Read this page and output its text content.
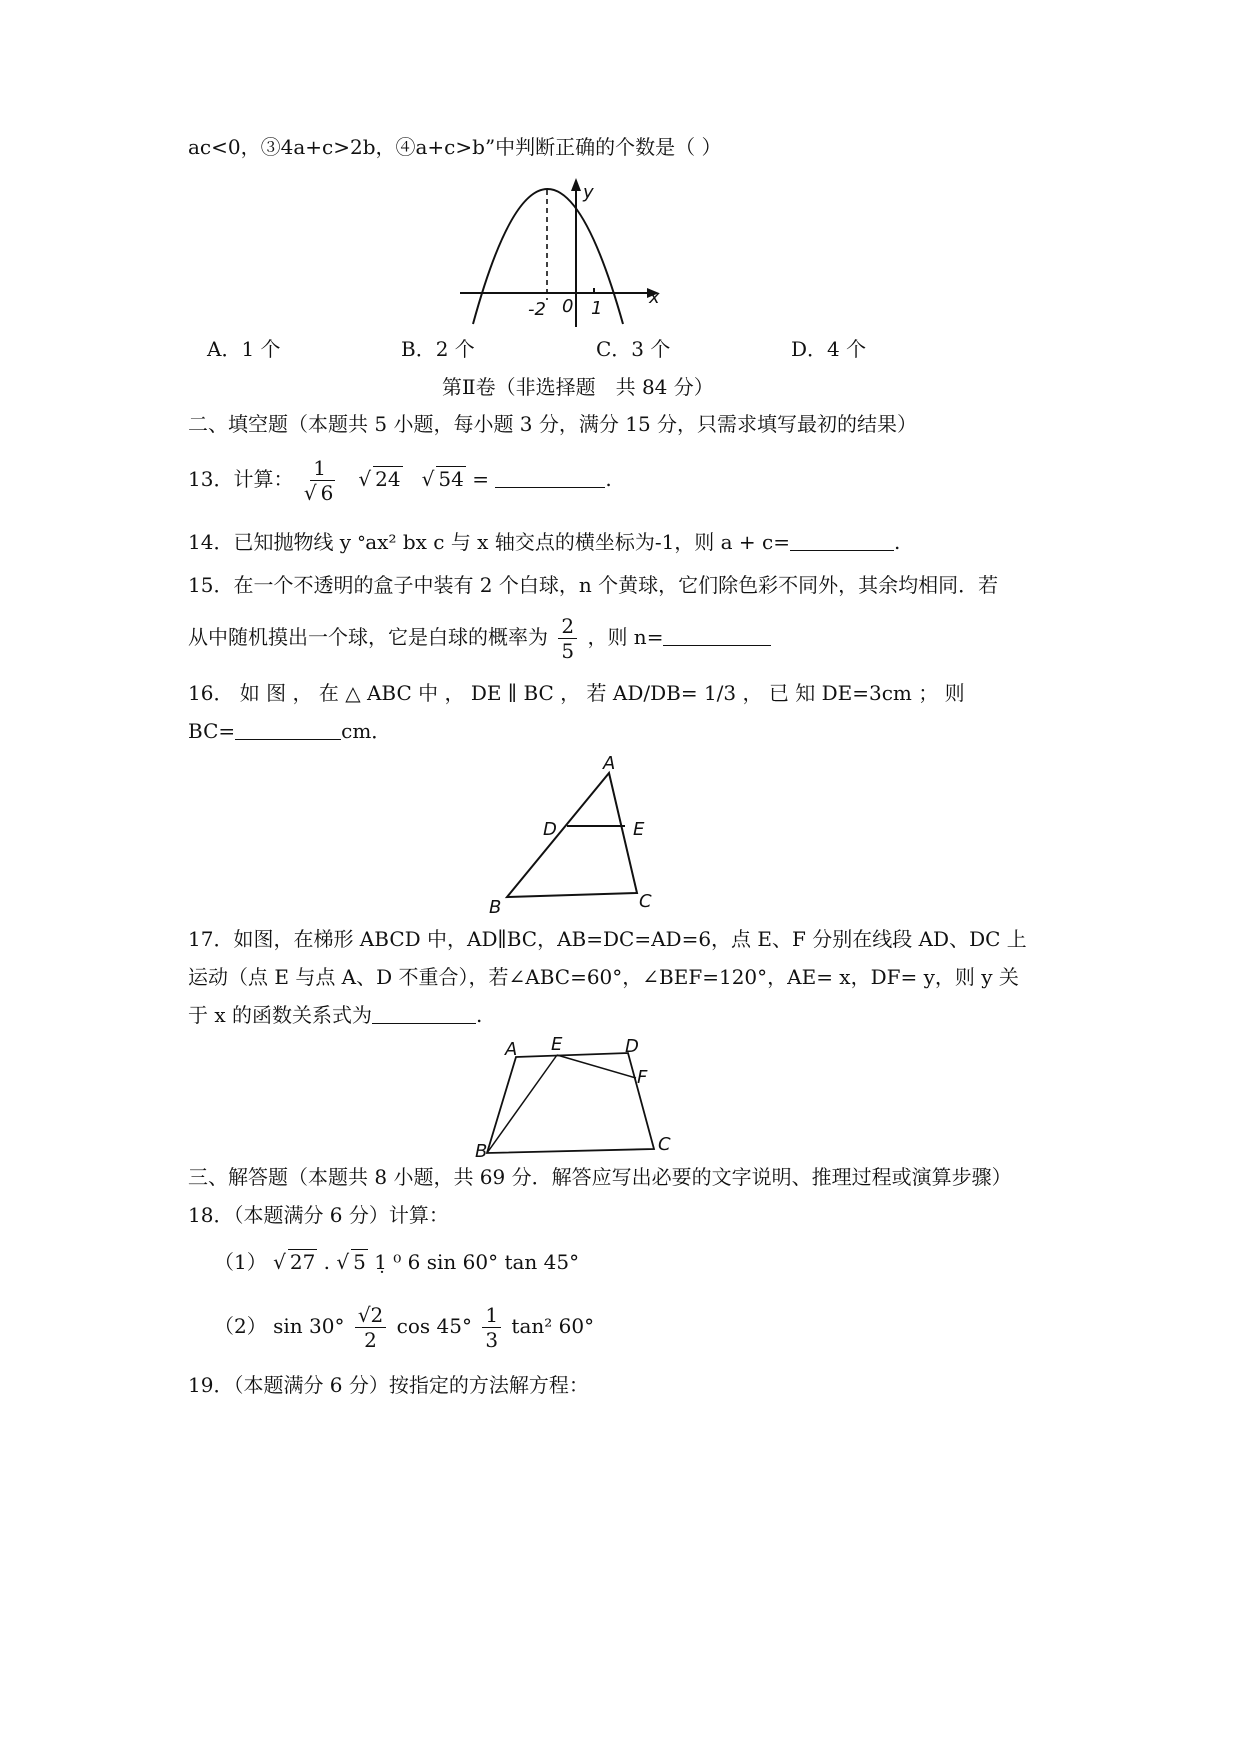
ac<0，③4a+c>2b，④a+c>b”中判断正确的个数是（ ）
y
x
-2 0 1
A．1 个	B．2 个	C．3 个	D．4 个
第Ⅱ卷（非选择题　共 84 分）
二、填空题（本题共 5 小题，每小题 3 分，满分 15 分，只需求填写最初的结果）
13．计算： $\frac{1}{√ 6}$ √ 24 √ 54 =	.
14．已知抛物线 y ᐤax² bx c 与 x 轴交点的横坐标为-1，则 a + c=	.
15．在一个不透明的盒子中装有 2 个白球，n 个黄球，它们除色彩不同外，其余均相同．若
从中随机摸出一个球，它是白球的概率为 $\frac{2}{5}$ ，则 n=
16． 如 图 ， 在 △ ABC 中 ， DE ∥ BC ， 若 AD/DB= 1/3 ， 已 知 DE=3cm ； 则
BC=	cm．
A
D	E
B	C
17．如图，在梯形 ABCD 中，AD∥BC，AB=DC=AD=6，点 E、F 分别在线段 AD、DC 上
运动（点 E 与点 A、D 不重合），若∠ABC=60°，∠BEF=120°，AE= x，DF= y，则 y 关
于 x 的函数关系式为	.
A E	D
F
B	C
三、解答题（本题共 8 小题，共 69 分．解答应写出必要的文字说明、推理过程或演算步骤）
18．（本题满分 6 分）计算：
（1） √ 27 . √ 5 1̣ ⁰ 6 sin 60° tan 45°
（2） $\sin 30^\circ \frac{√2}{2}$ $\cos 45^\circ \frac{1}{3} \tan^2$ 60°
19．（本题满分 6 分）按指定的方法解方程：
